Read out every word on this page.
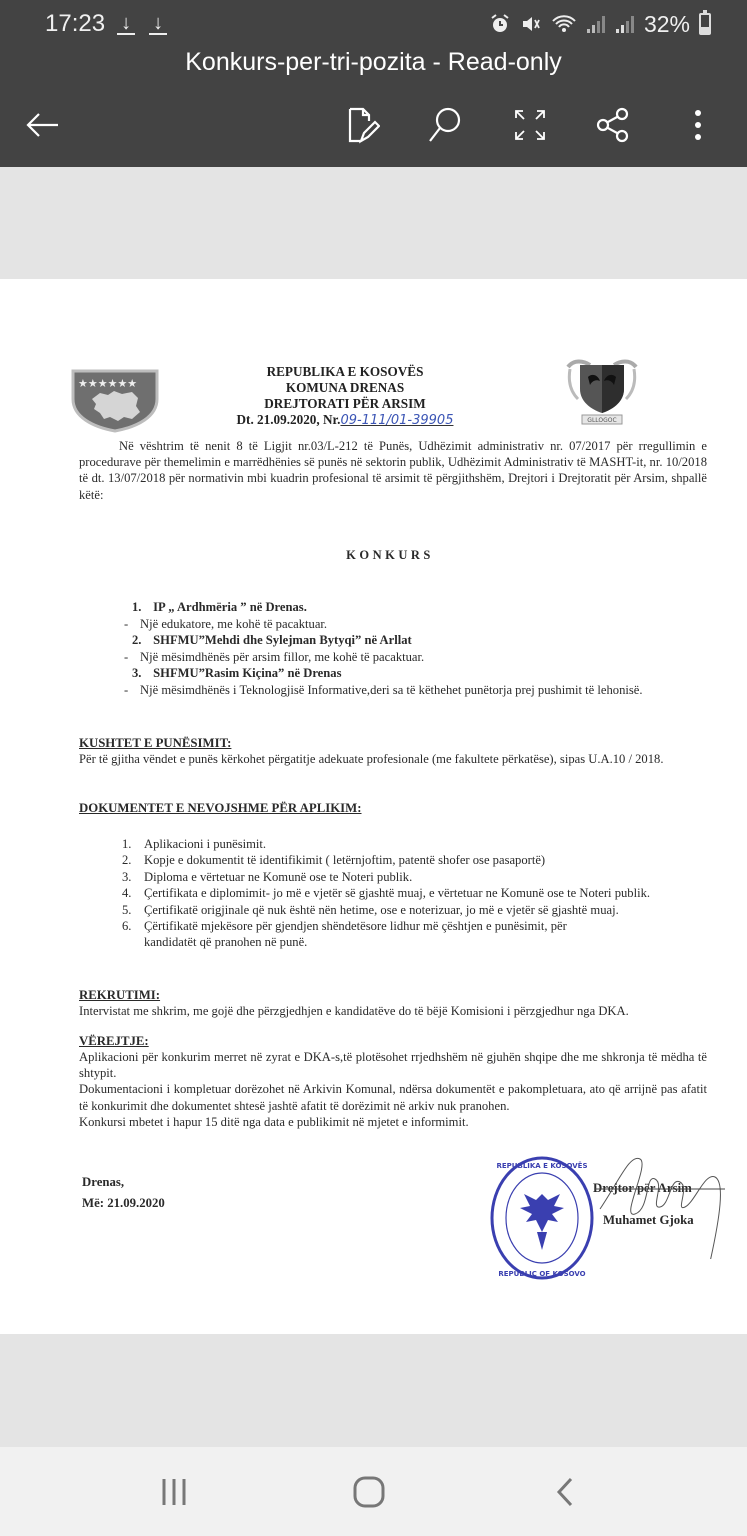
17:23 ↓ ↓	32%
Konkurs-per-tri-pozita - Read-only
★★★★★★
REPUBLIKA E KOSOVËS
KOMUNA DRENAS
DREJTORATI PËR ARSIM
Dt. 21.09.2020, Nr.09-111/01-39905	GLLOGOC
Në vështrim të nenit 8 të Ligjit nr.03/L-212 të Punës, Udhëzimit administrativ nr. 07/2017 për rregullimin e procedurave për themelimin e marrëdhënies së punës në sektorin publik, Udhëzimit Administrativ të MASHT-it, nr. 10/2018 të dt. 13/07/2018 për normativin mbi kuadrin profesional të arsimit të përgjithshëm, Drejtori i Drejtoratit për Arsim, shpallë këtë:
KONKURS
1. IP „ Ardhmëria ” në Drenas.
- Një edukatore, me kohë të pacaktuar.
2. SHFMU”Mehdi dhe Sylejman Bytyqi” në Arllat
- Një mësimdhënës për arsim fillor, me kohë të pacaktuar.
3. SHFMU”Rasim Kiçina” në Drenas
- Një mësimdhënës i Teknologjisë Informative,deri sa të këthehet punëtorja prej pushimit të lehonisë.
KUSHTET E PUNËSIMIT:
Për të gjitha vëndet e punës kërkohet përgatitje adekuate profesionale (me fakultete përkatëse), sipas U.A.10 / 2018.
DOKUMENTET E NEVOJSHME PËR APLIKIM:
1. Aplikacioni i punësimit.
2. Kopje e dokumentit të identifikimit ( letërnjoftim, patentë shofer ose pasaportë)
3. Diploma e vërtetuar ne Komunë ose te Noteri publik.
4. Çertifikata e diplomimit- jo më e vjetër së gjashtë muaj, e vërtetuar ne Komunë ose te Noteri publik.
5. Çertifikatë origjinale që nuk është nën hetime, ose e noterizuar, jo më e vjetër së gjashtë muaj.
6. Çërtifikatë mjekësore për gjendjen shëndetësore lidhur më çështjen e punësimit, për kandidatët që pranohen në punë.
REKRUTIMI:
Intervistat me shkrim, me gojë dhe përzgjedhjen e kandidatëve do të bëjë Komisioni i përzgjedhur nga DKA.
VËREJTJE:
Aplikacioni për konkurim merret në zyrat e DKA-s,të plotësohet rrjedhshëm në gjuhën shqipe dhe me shkronja të mëdha të shtypit.
Dokumentacioni i kompletuar dorëzohet në Arkivin Komunal, ndërsa dokumentët e pakompletuara, ato që arrijnë pas afatit të konkurimit dhe dokumentet shtesë jashtë afatit të dorëzimit në arkiv nuk pranohen.
Konkursi mbetet i hapur 15 ditë nga data e publikimit në mjetet e informimit.
Drenas,
Më: 21.09.2020
REPUBLIKA E KOSOVËS
REPUBLIC OF KOSOVO
Drejtor për Arsim
Muhamet Gjoka
